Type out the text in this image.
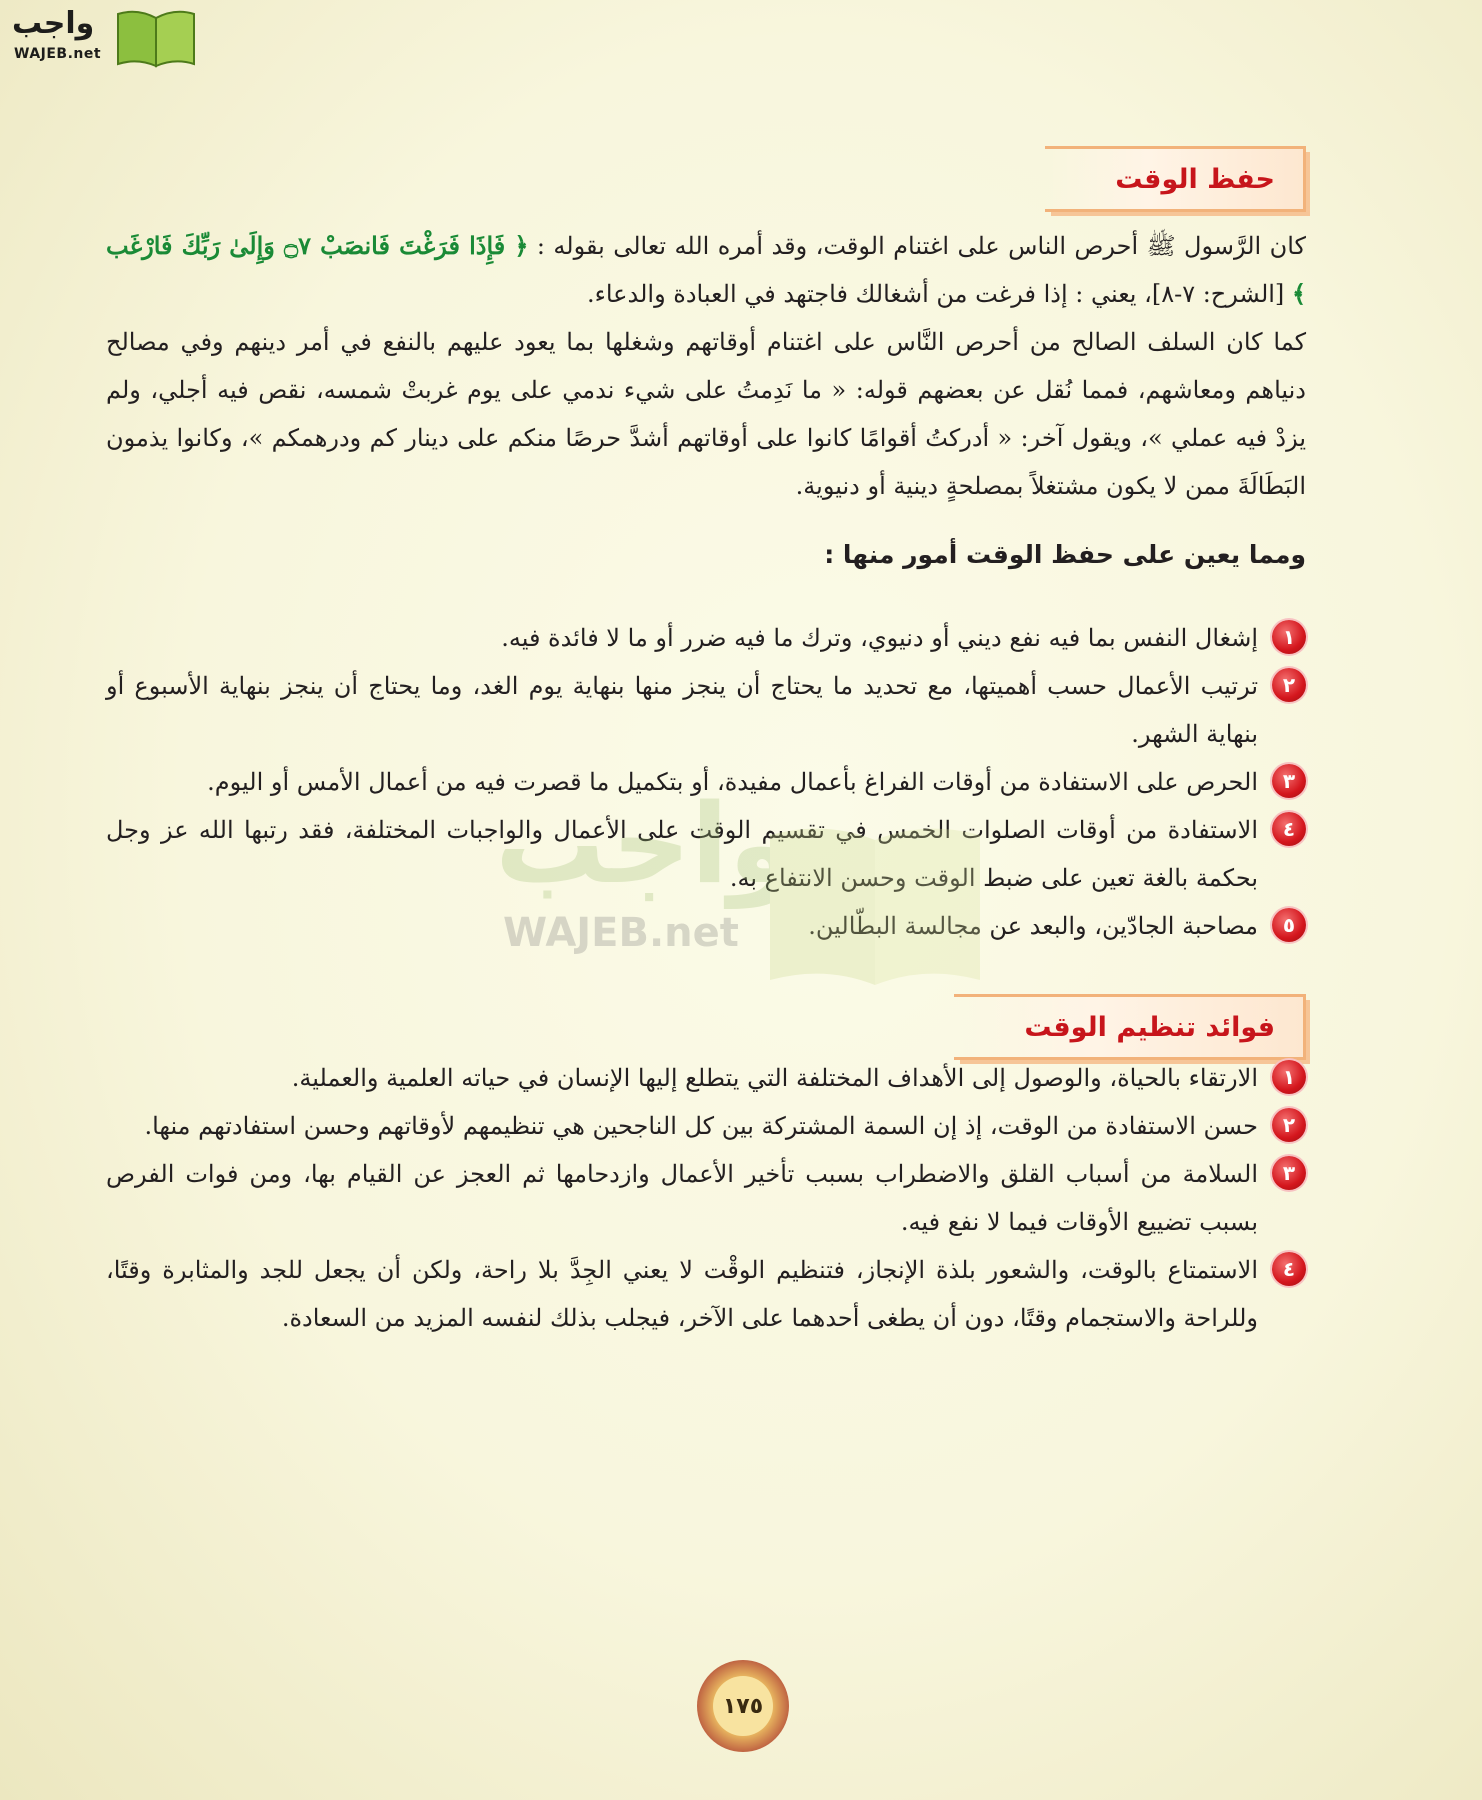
واجب
WAJEB.net
حفظ الوقت

كان الرَّسول ﷺ أحرص الناس على اغتنام الوقت، وقد أمره الله تعالى بقوله : ﴿ فَإِذَا فَرَغْتَ فَانصَبْ ۝٧ وَإِلَىٰ رَبِّكَ فَارْغَب ﴾ [الشرح: ٧-٨]، يعني : إذا فرغت من أشغالك فاجتهد في العبادة والدعاء.

كما كان السلف الصالح من أحرص النَّاس على اغتنام أوقاتهم وشغلها بما يعود عليهم بالنفع في أمر دينهم وفي مصالح دنياهم ومعاشهم، فمما نُقل عن بعضهم قوله: « ما نَدِمتُ على شيء ندمي على يوم غربتْ شمسه، نقص فيه أجلي، ولم يزدْ فيه عملي »، ويقول آخر: « أدركتُ أقوامًا كانوا على أوقاتهم أشدَّ حرصًا منكم على دينار كم ودرهمكم »، وكانوا يذمون البَطَالَةَ ممن لا يكون مشتغلاً بمصلحةٍ دينية أو دنيوية.

ومما يعين على حفظ الوقت أمور منها :
١
إشغال النفس بما فيه نفع ديني أو دنيوي، وترك ما فيه ضرر أو ما لا فائدة فيه.
٢
ترتيب الأعمال حسب أهميتها، مع تحديد ما يحتاج أن ينجز منها بنهاية يوم الغد، وما يحتاج أن ينجز بنهاية الأسبوع أو بنهاية الشهر.
٣
الحرص على الاستفادة من أوقات الفراغ بأعمال مفيدة، أو بتكميل ما قصرت فيه من أعمال الأمس أو اليوم.
٤
الاستفادة من أوقات الصلوات الخمس في تقسيم الوقت على الأعمال والواجبات المختلفة، فقد رتبها الله عز وجل بحكمة بالغة تعين على ضبط الوقت وحسن الانتفاع به.
٥
مصاحبة الجادّين، والبعد عن مجالسة البطّالين.
واجب
WAJEB.net
فوائد تنظيم الوقت
١
الارتقاء بالحياة، والوصول إلى الأهداف المختلفة التي يتطلع إليها الإنسان في حياته العلمية والعملية.
٢
حسن الاستفادة من الوقت، إذ إن السمة المشتركة بين كل الناجحين هي تنظيمهم لأوقاتهم وحسن استفادتهم منها.
٣
السلامة من أسباب القلق والاضطراب بسبب تأخير الأعمال وازدحامها ثم العجز عن القيام بها، ومن فوات الفرص بسبب تضييع الأوقات فيما لا نفع فيه.
٤
الاستمتاع بالوقت، والشعور بلذة الإنجاز، فتنظيم الوقْت لا يعني الجِدَّ بلا راحة، ولكن أن يجعل للجد والمثابرة وقتًا، وللراحة والاستجمام وقتًا، دون أن يطغى أحدهما على الآخر، فيجلب بذلك لنفسه المزيد من السعادة.
١٧٥
